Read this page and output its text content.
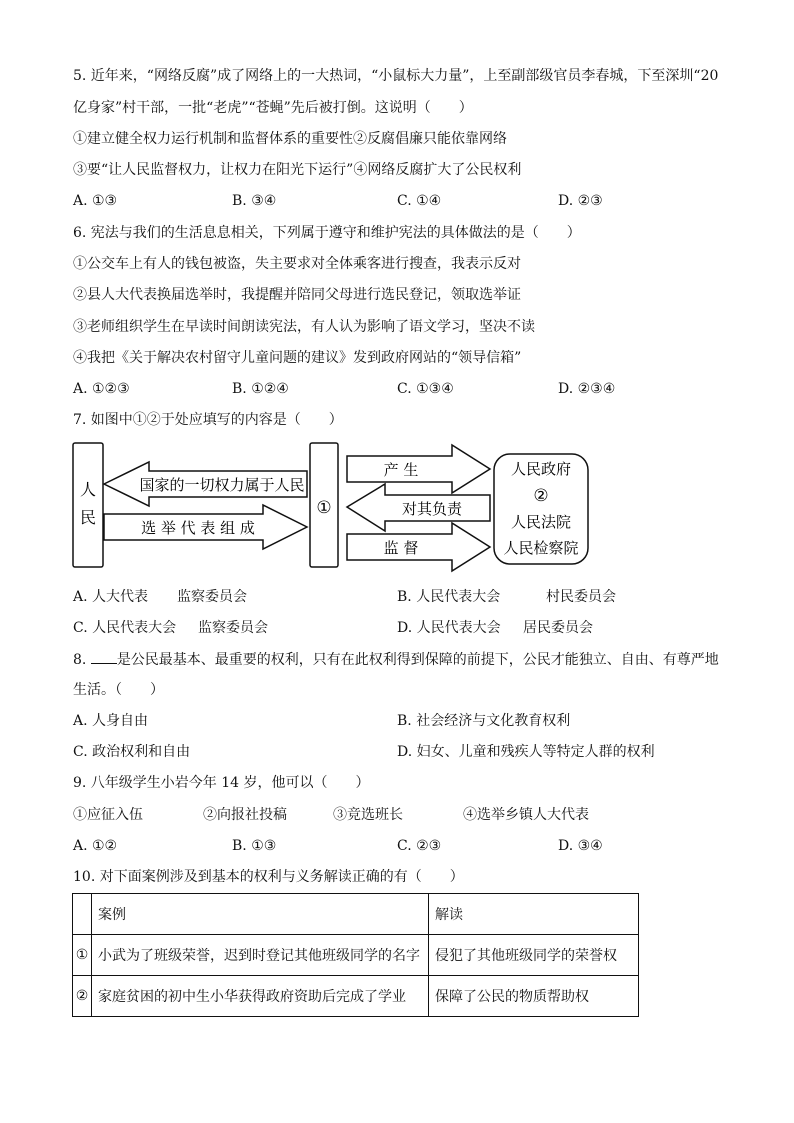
5. 近年来，“网络反腐”成了网络上的一大热词，“小鼠标大力量”，上至副部级官员李春城，下至深圳“20
亿身家”村干部，一批“老虎”“苍蝇”先后被打倒。这说明（　　）
①建立健全权力运行机制和监督体系的重要性②反腐倡廉只能依靠网络
③要“让人民监督权力，让权力在阳光下运行”④网络反腐扩大了公民权利
A. ①③	B. ③④	C. ①④	D. ②③
6. 宪法与我们的生活息息相关，下列属于遵守和维护宪法的具体做法的是（　　）
①公交车上有人的钱包被盗，失主要求对全体乘客进行搜查，我表示反对
②县人大代表换届选举时，我提醒并陪同父母进行选民登记，领取选举证
③老师组织学生在早读时间朗读宪法，有人认为影响了语文学习，坚决不读
④我把《关于解决农村留守儿童问题的建议》发到政府网站的“领导信箱”
A. ①②③	B. ①②④	C. ①③④	D. ②③④
7. 如图中①②于处应填写的内容是（　　）
人民
国家的一切权力属于人民
选 举 代 表 组 成
①
产 生
对其负责
监 督
人民政府
②
人民法院
人民检察院
A. 人大代表 监察委员会	B. 人民代表大会	村民委员会
C. 人民代表大会 监察委员会	D. 人民代表大会 居民委员会
8. 是公民最基本、最重要的权利，只有在此权利得到保障的前提下，公民才能独立、自由、有尊严地
生活。（　　）
A. 人身自由	B. 社会经济与文化教育权利
C. 政治权利和自由	D. 妇女、儿童和残疾人等特定人群的权利
9. 八年级学生小岩今年 14 岁，他可以（　　）
①应征入伍	②向报社投稿	③竞选班长	④选举乡镇人大代表
A. ①②	B. ①③	C. ②③	D. ③④
10. 对下面案例涉及到基本的权利与义务解读正确的有（　　）
	案例	解读
①	小武为了班级荣誉，迟到时登记其他班级同学的名字	侵犯了其他班级同学的荣誉权
②	家庭贫困的初中生小华获得政府资助后完成了学业	保障了公民的物质帮助权
